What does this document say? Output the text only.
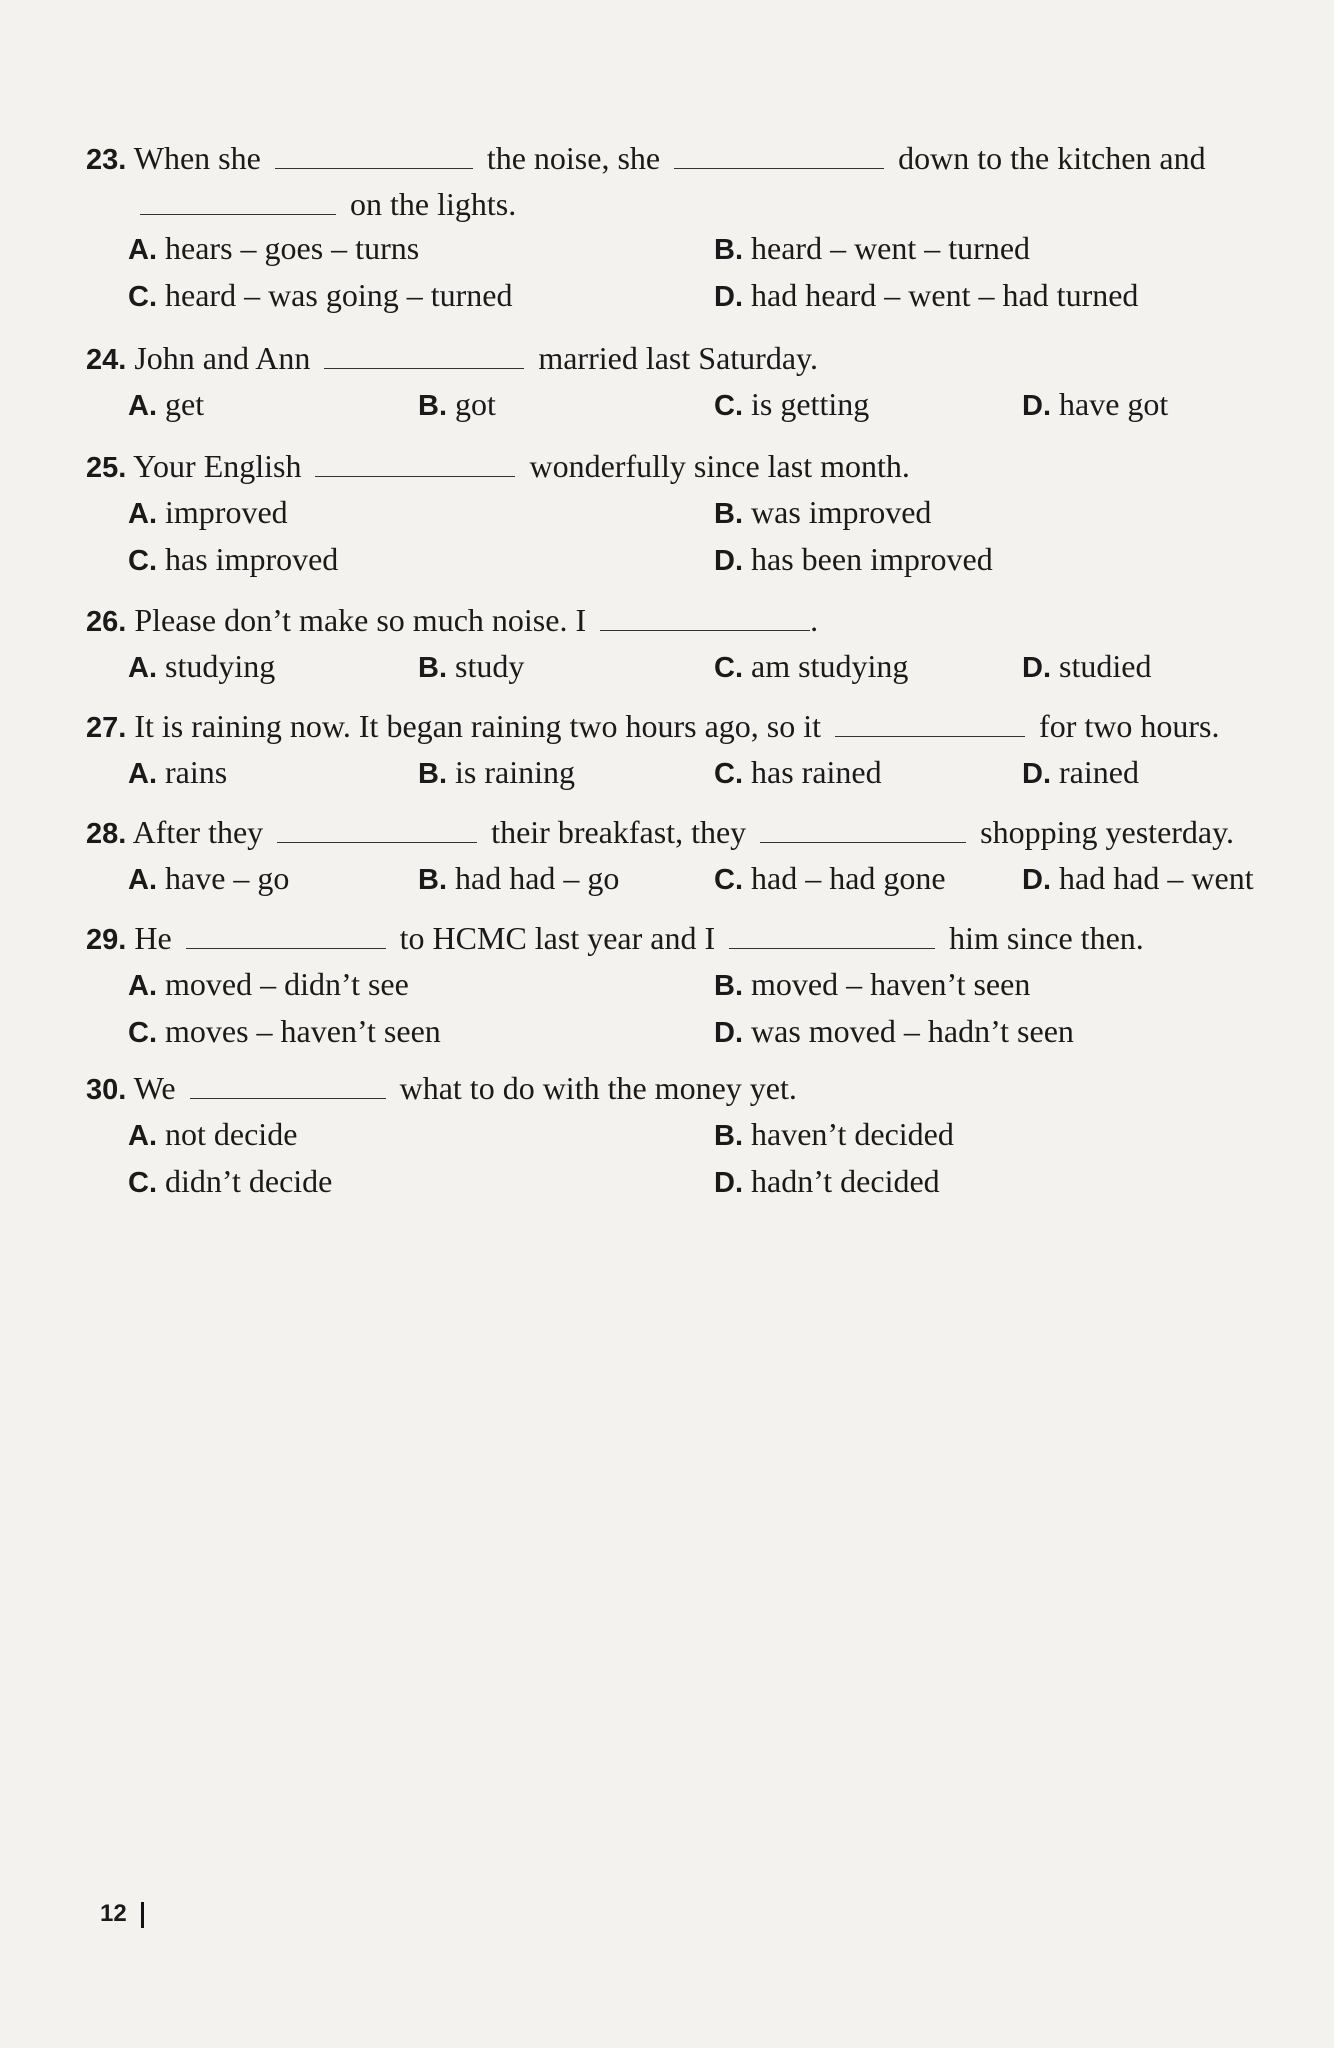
23. When she	the noise, she	down to the kitchen and
on the lights.
A. hears – goes – turns	B. heard – went – turned
C. heard – was going – turned	D. had heard – went – had turned
24. John and Ann	married last Saturday.
A. get	B. got	C. is getting	D. have got
25. Your English	wonderfully since last month.
A. improved	B. was improved
C. has improved	D. has been improved
26. Please don’t make so much noise. I	.
A. studying	B. study	C. am studying	D. studied
27. It is raining now. It began raining two hours ago, so it	for two hours.
A. rains	B. is raining	C. has rained	D. rained
28. After they	their breakfast, they	shopping yesterday.
A. have – go	B. had had – go	C. had – had gone	D. had had – went
29. He	to HCMC last year and I	him since then.
A. moved – didn’t see	B. moved – haven’t seen
C. moves – haven’t seen	D. was moved – hadn’t seen
30. We	what to do with the money yet.
A. not decide	B. haven’t decided
C. didn’t decide	D. hadn’t decided
12
